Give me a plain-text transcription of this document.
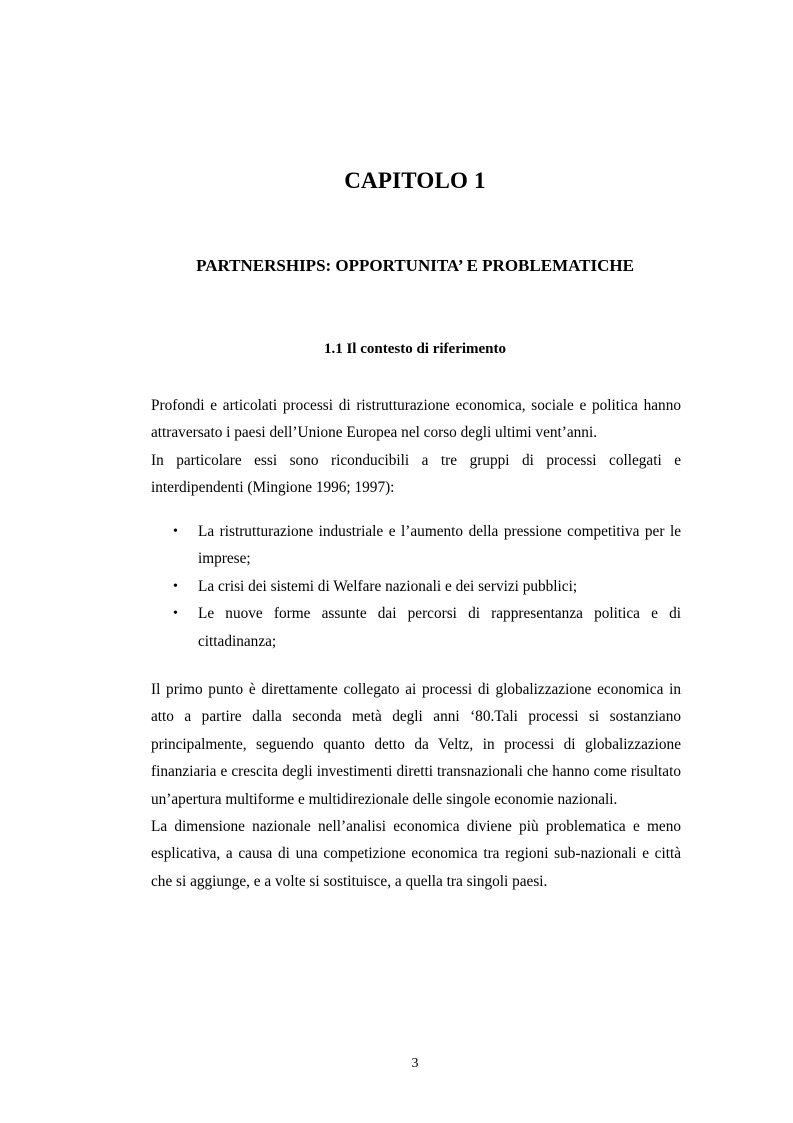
CAPITOLO 1
PARTNERSHIPS: OPPORTUNITA’ E PROBLEMATICHE
1.1 Il contesto di riferimento

Profondi e articolati processi di ristrutturazione economica, sociale e politica hanno attraversato i paesi dell’Unione Europea nel corso degli ultimi vent’anni.

In particolare essi sono riconducibili a tre gruppi di processi collegati e interdipendenti (Mingione 1996; 1997):

• La ristrutturazione industriale e l’aumento della pressione competitiva per le imprese;
• La crisi dei sistemi di Welfare nazionali e dei servizi pubblici;
• Le nuove forme assunte dai percorsi di rappresentanza politica e di cittadinanza;

Il primo punto è direttamente collegato ai processi di globalizzazione economica in atto a partire dalla seconda metà degli anni ‘80.Tali processi si sostanziano principalmente, seguendo quanto detto da Veltz, in processi di globalizzazione finanziaria e crescita degli investimenti diretti transnazionali che hanno come risultato un’apertura multiforme e multidirezionale delle singole economie nazionali.

La dimensione nazionale nell’analisi economica diviene più problematica e meno esplicativa, a causa di una competizione economica tra regioni sub-nazionali e città che si aggiunge, e a volte si sostituisce, a quella tra singoli paesi.

3
